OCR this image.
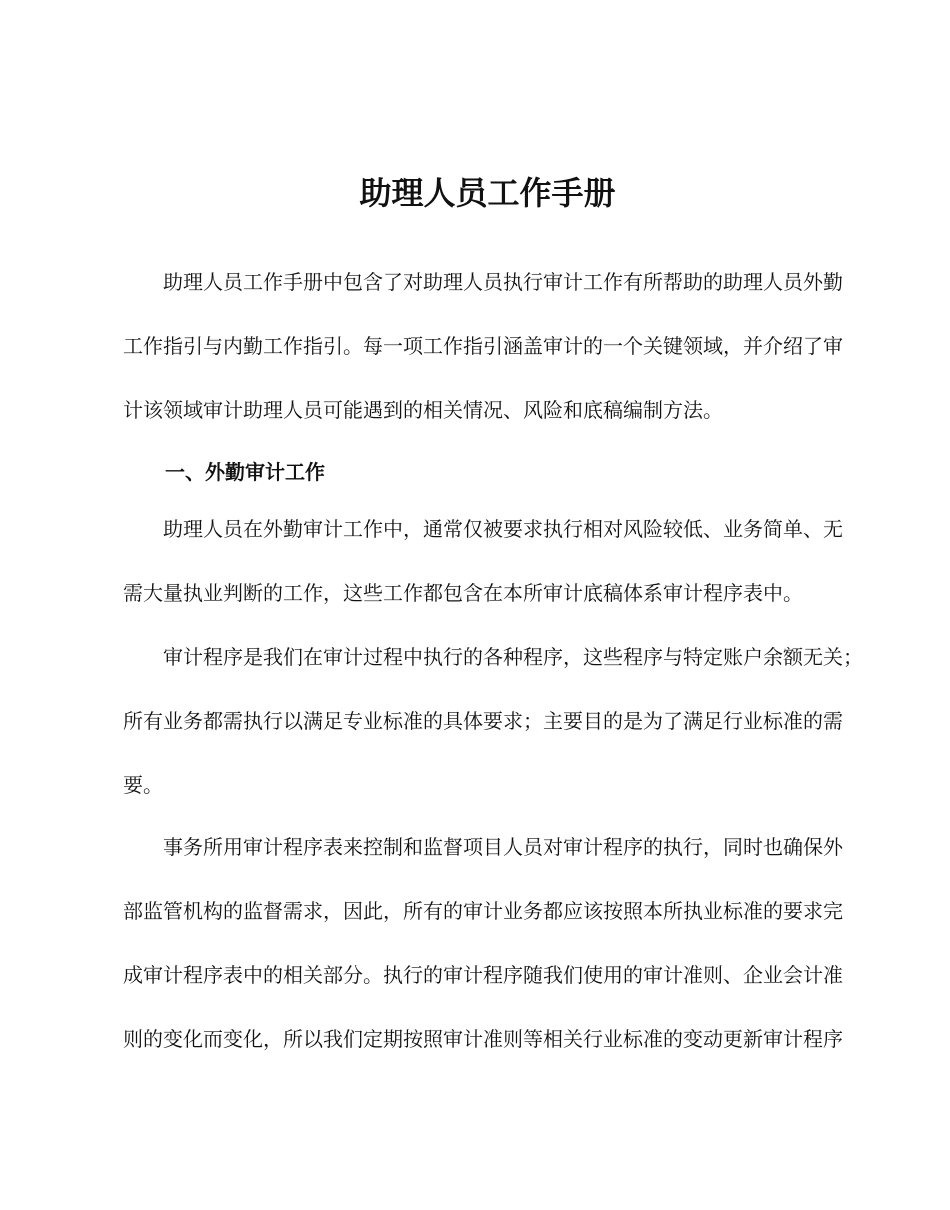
助理人员工作手册
助理人员工作手册中包含了对助理人员执行审计工作有所帮助的助理人员外勤
工作指引与内勤工作指引。每一项工作指引涵盖审计的一个关键领域，并介绍了审
计该领域审计助理人员可能遇到的相关情况、风险和底稿编制方法。
一、外勤审计工作
助理人员在外勤审计工作中，通常仅被要求执行相对风险较低、业务简单、无
需大量执业判断的工作，这些工作都包含在本所审计底稿体系审计程序表中。
审计程序是我们在审计过程中执行的各种程序，这些程序与特定账户余额无关；
所有业务都需执行以满足专业标准的具体要求；主要目的是为了满足行业标准的需
要。
事务所用审计程序表来控制和监督项目人员对审计程序的执行，同时也确保外
部监管机构的监督需求，因此，所有的审计业务都应该按照本所执业标准的要求完
成审计程序表中的相关部分。执行的审计程序随我们使用的审计准则、企业会计准
则的变化而变化，所以我们定期按照审计准则等相关行业标准的变动更新审计程序
